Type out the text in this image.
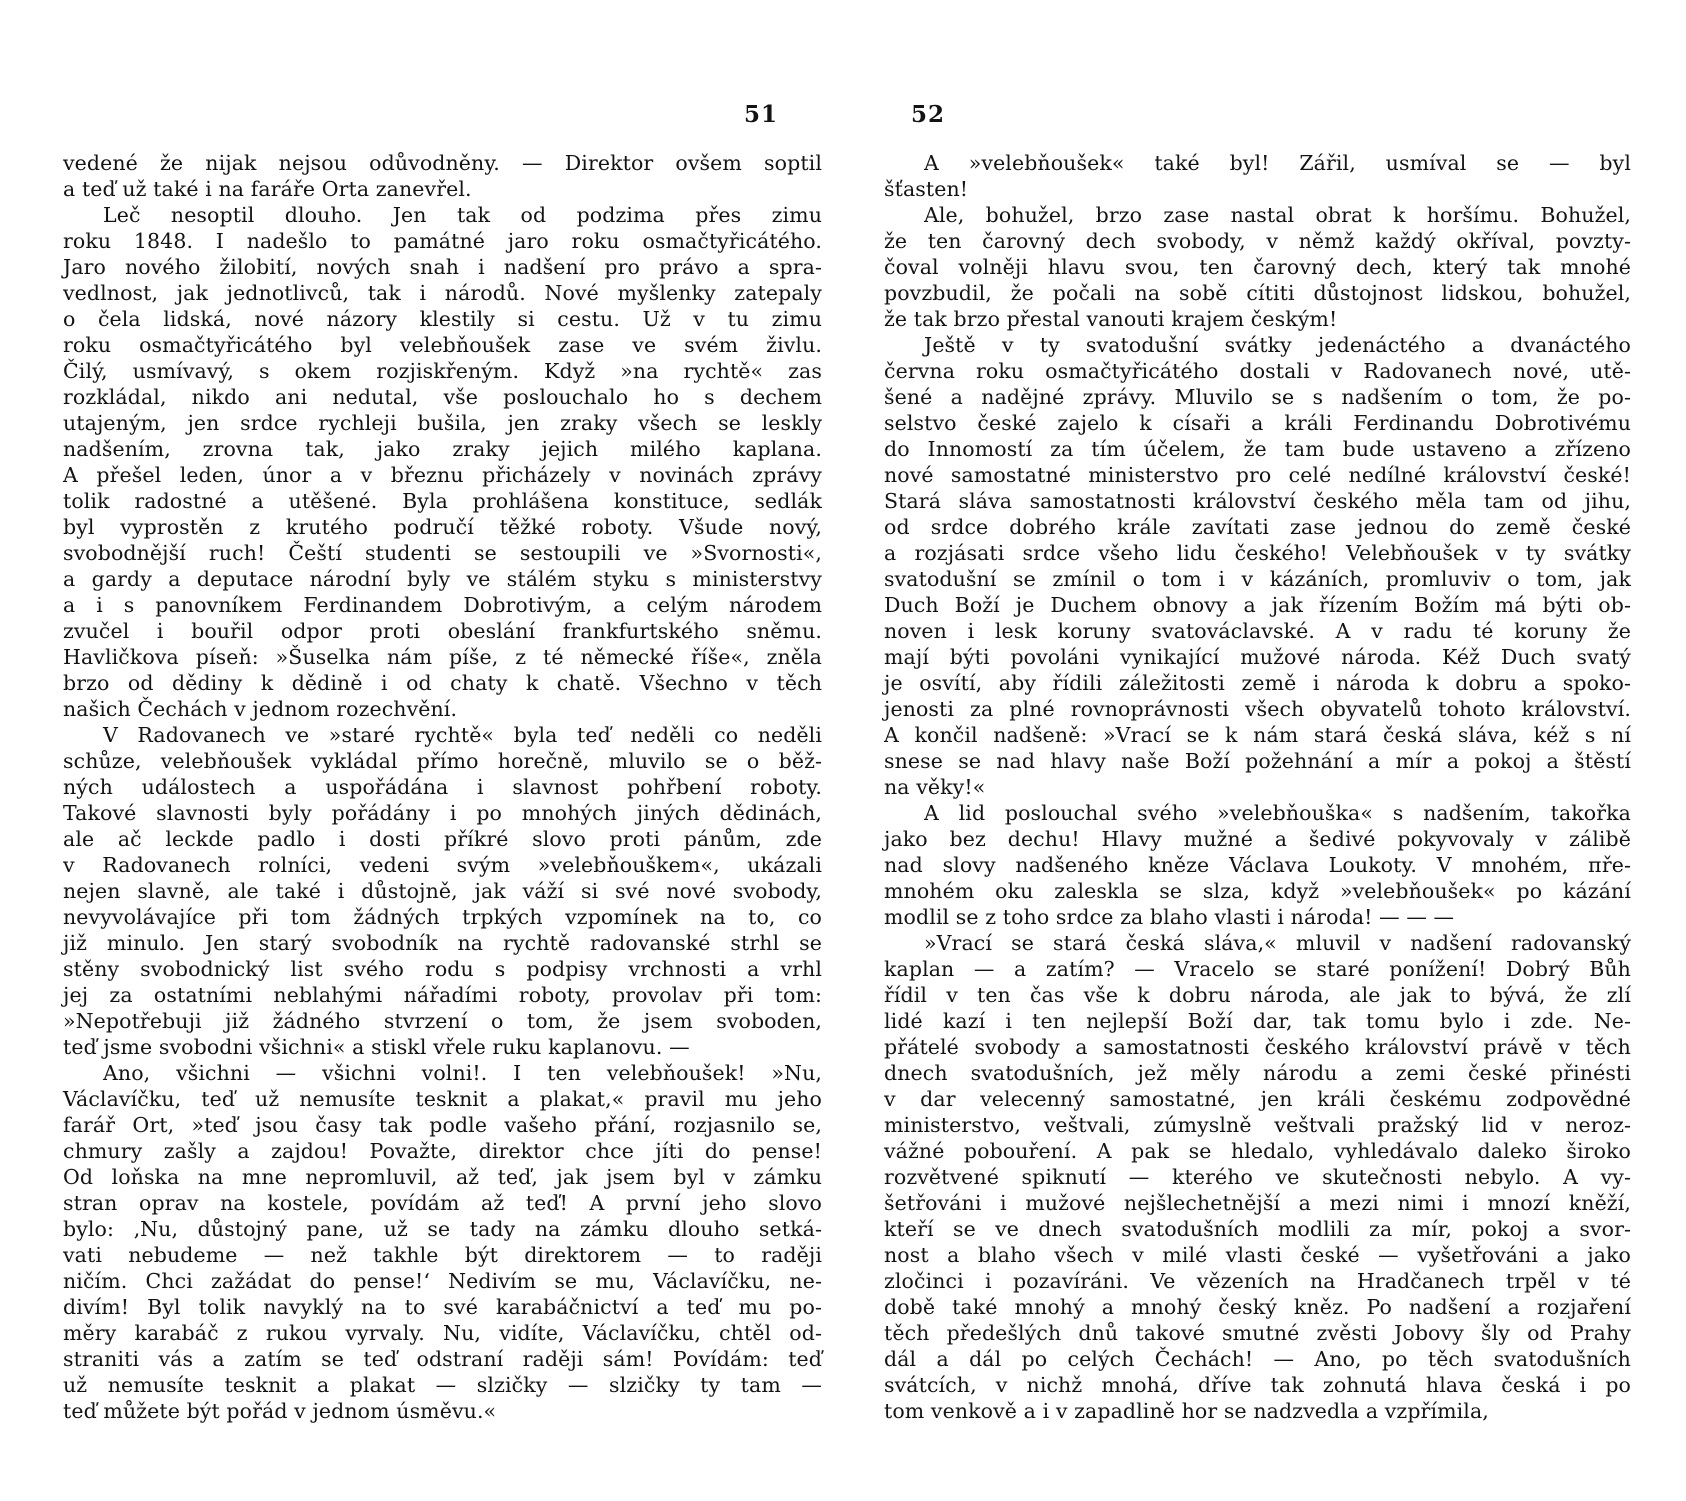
51	52
vedené že nijak nejsou odůvodněny. — Direktor ovšem soptil
a teď už také i na faráře Orta zanevřel.
Leč nesoptil dlouho. Jen tak od podzima přes zimu
roku 1848. I nadešlo to památné jaro roku osmačtyřicátého.
Jaro nového žilobití, nových snah i nadšení pro právo a spra-
vedlnost, jak jednotlivců, tak i národů. Nové myšlenky zatepaly
o čela lidská, nové názory klestily si cestu. Už v tu zimu
roku osmačtyřicátého byl velebňoušek zase ve svém živlu.
Čilý, usmívavý, s okem rozjiskřeným. Když »na rychtě« zas
rozkládal, nikdo ani nedutal, vše poslouchalo ho s dechem
utajeným, jen srdce rychleji bušila, jen zraky všech se leskly
nadšením, zrovna tak, jako zraky jejich milého kaplana.
A přešel leden, únor a v březnu přicházely v novinách zprávy
tolik radostné a utěšené. Byla prohlášena konstituce, sedlák
byl vyprostěn z krutého područí těžké roboty. Všude nový,
svobodnější ruch! Čeští studenti se sestoupili ve »Svornosti«,
a gardy a deputace národní byly ve stálém styku s ministerstvy
a i s panovníkem Ferdinandem Dobrotivým, a celým národem
zvučel i bouřil odpor proti obeslání frankfurtského sněmu.
Havličkova píseň: »Šuselka nám píše, z té německé říše«, zněla
brzo od dědiny k dědině i od chaty k chatě. Všechno v těch
našich Čechách v jednom rozechvění.
V Radovanech ve »staré rychtě« byla teď neděli co neděli
schůze, velebňoušek vykládal přímo horečně, mluvilo se o běž-
ných událostech a uspořádána i slavnost pohřbení roboty.
Takové slavnosti byly pořádány i po mnohých jiných dědinách,
ale ač leckde padlo i dosti příkré slovo proti pánům, zde
v Radovanech rolníci, vedeni svým »velebňouškem«, ukázali
nejen slavně, ale také i důstojně, jak váží si své nové svobody,
nevyvolávajíce při tom žádných trpkých vzpomínek na to, co
již minulo. Jen starý svobodník na rychtě radovanské strhl se
stěny svobodnický list svého rodu s podpisy vrchnosti a vrhl
jej za ostatními neblahými nářadími roboty, provolav při tom:
»Nepotřebuji již žádného stvrzení o tom, že jsem svoboden,
teď jsme svobodni všichni« a stiskl vřele ruku kaplanovu. —
Ano, všichni — všichni volni!. I ten velebňoušek! »Nu,
Václavíčku, teď už nemusíte tesknit a plakat,« pravil mu jeho
farář Ort, »teď jsou časy tak podle vašeho přání, rozjasnilo se,
chmury zašly a zajdou! Považte, direktor chce jíti do pense!
Od loňska na mne nepromluvil, až teď, jak jsem byl v zámku
stran oprav na kostele, povídám až teď! A první jeho slovo
bylo: ‚Nu, důstojný pane, už se tady na zámku dlouho setká-
vati nebudeme — než takhle být direktorem — to raději
ničím. Chci zažádat do pense!‘ Nedivím se mu, Václavíčku, ne-
divím! Byl tolik navyklý na to své karabáčnictví a teď mu po-
měry karabáč z rukou vyrvaly. Nu, vidíte, Václavíčku, chtěl od-
straniti vás a zatím se teď odstraní raději sám! Povídám: teď
už nemusíte tesknit a plakat — slzičky — slzičky ty tam —
teď můžete být pořád v jednom úsměvu.«
A »velebňoušek« také byl! Zářil, usmíval se — byl
šťasten!
Ale, bohužel, brzo zase nastal obrat k horšímu. Bohužel,
že ten čarovný dech svobody, v němž každý okříval, povzty-
čoval volněji hlavu svou, ten čarovný dech, který tak mnohé
povzbudil, že počali na sobě cítiti důstojnost lidskou, bohužel,
že tak brzo přestal vanouti krajem českým!
Ještě v ty svatodušní svátky jedenáctého a dvanáctého
června roku osmačtyřicátého dostali v Radovanech nové, utě-
šené a nadějné zprávy. Mluvilo se s nadšením o tom, že po-
selstvo české zajelo k císaři a králi Ferdinandu Dobrotivému
do Innomostí za tím účelem, že tam bude ustaveno a zřízeno
nové samostatné ministerstvo pro celé nedílné království české!
Stará sláva samostatnosti království českého měla tam od jihu,
od srdce dobrého krále zavítati zase jednou do země české
a rozjásati srdce všeho lidu českého! Velebňoušek v ty svátky
svatodušní se zmínil o tom i v kázáních, promluviv o tom, jak
Duch Boží je Duchem obnovy a jak řízením Božím má býti ob-
noven i lesk koruny svatováclavské. A v radu té koruny že
mají býti povoláni vynikající mužové národa. Kéž Duch svatý
je osvítí, aby řídili záležitosti země i národa k dobru a spoko-
jenosti za plné rovnoprávnosti všech obyvatelů tohoto království.
A končil nadšeně: »Vrací se k nám stará česká sláva, kéž s ní
snese se nad hlavy naše Boží požehnání a mír a pokoj a štěstí
na věky!«
A lid poslouchal svého »velebňouška« s nadšením, takořka
jako bez dechu! Hlavy mužné a šedivé pokyvovaly v zálibě
nad slovy nadšeného kněze Václava Loukoty. V mnohém, пře-
mnohém oku zaleskla se slza, když »velebňoušek« po kázání
modlil se z toho srdce za blaho vlasti i národa! — — —
»Vrací se stará česká sláva,« mluvil v nadšení radovanský
kaplan — a zatím? — Vracelo se staré ponížení! Dobrý Bůh
řídil v ten čas vše k dobru národa, ale jak to bývá, že zlí
lidé kazí i ten nejlepší Boží dar, tak tomu bylo i zde. Ne-
přátelé svobody a samostatnosti českého království právě v těch
dnech svatodušních, jež měly národu a zemi české přinésti
v dar velecenný samostatné, jen králi českému zodpovědné
ministerstvo, veštvali, zúmyslně veštvali pražský lid v neroz-
vážné pobouření. A pak se hledalo, vyhledávalo daleko široko
rozvětvené spiknutí — kterého ve skutečnosti nebylo. A vy-
šetřováni i mužové nejšlechetnější a mezi nimi i mnozí kněží,
kteří se ve dnech svatodušních modlili za mír, pokoj a svor-
nost a blaho všech v milé vlasti české — vyšetřováni a jako
zločinci i pozavíráni. Ve vězeních na Hradčanech trpěl v té
době také mnohý a mnohý český kněz. Po nadšení a rozjaření
těch předešlých dnů takové smutné zvěsti Jobovy šly od Prahy
dál a dál po celých Čechách! — Ano, po těch svatodušních
svátcích, v nichž mnohá, dříve tak zohnutá hlava česká i po
tom venkově a i v zapadlině hor se nadzvedla a vzpřímila,
